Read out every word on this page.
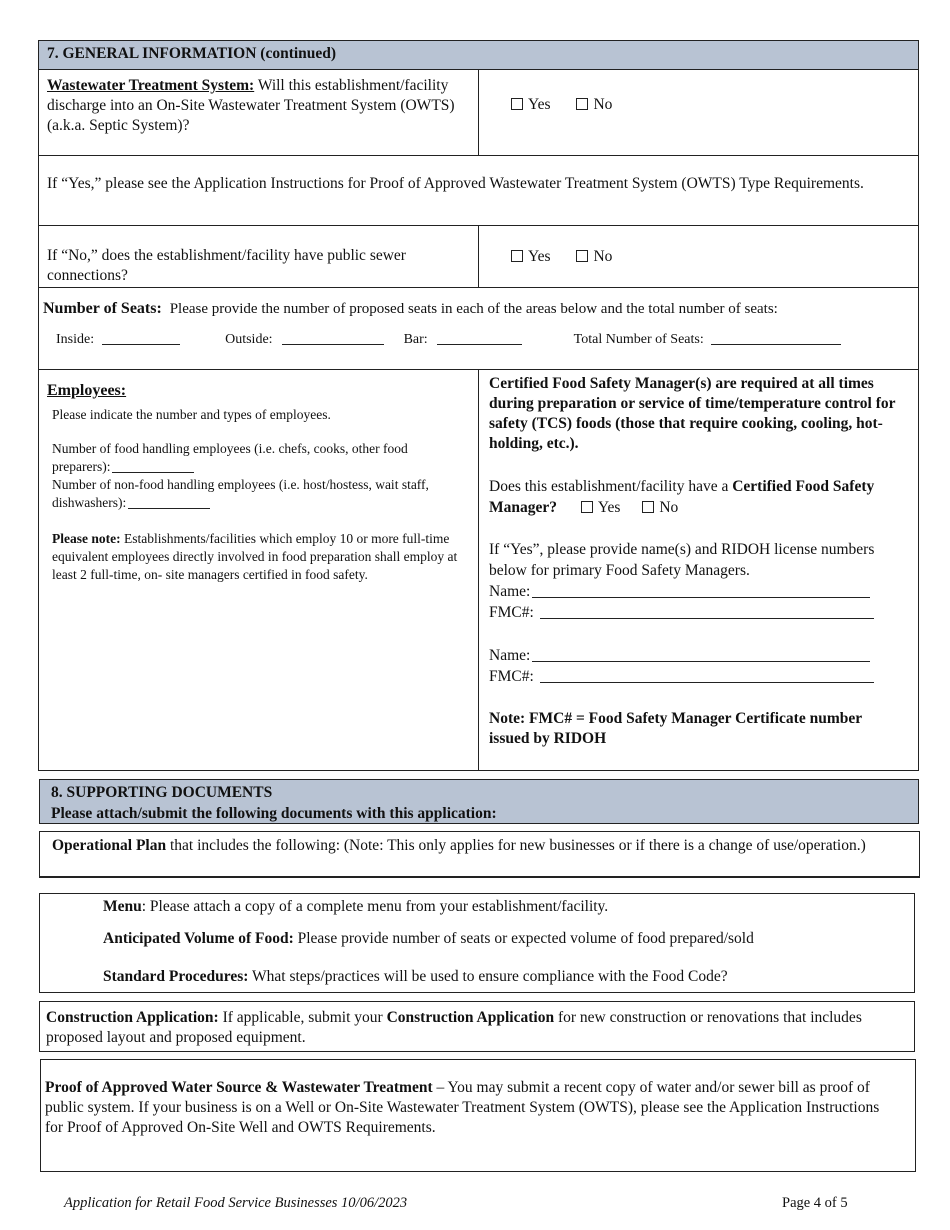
7. GENERAL INFORMATION (continued)
Wastewater Treatment System: Will this establishment/facility discharge into an On-Site Wastewater Treatment System (OWTS) (a.k.a. Septic System)?
Yes	No
If “Yes,” please see the Application Instructions for Proof of Approved Wastewater Treatment System (OWTS) Type Requirements.
If “No,” does the establishment/facility have public sewer connections?
Yes	No
Number of Seats: Please provide the number of proposed seats in each of the areas below and the total number of seats:
Inside:	Outside:	Bar:	Total Number of Seats:
Employees:
Please indicate the number and types of employees.
Number of food handling employees (i.e. chefs, cooks, other food preparers):
Number of non-food handling employees (i.e. host/hostess, wait staff, dishwashers):
Please note: Establishments/facilities which employ 10 or more full-time equivalent employees directly involved in food preparation shall employ at least 2 full-time, on- site managers certified in food safety.
Certified Food Safety Manager(s) are required at all times during preparation or service of time/temperature control for safety (TCS) foods (those that require cooking, cooling, hot-holding, etc.).
Does this establishment/facility have a Certified Food Safety Manager?	Yes	No
If “Yes”, please provide name(s) and RIDOH license numbers below for primary Food Safety Managers.
Name:
FMC#:
Name:
FMC#:
Note: FMC# = Food Safety Manager Certificate number issued by RIDOH
8. SUPPORTING DOCUMENTS
Please attach/submit the following documents with this application:
Operational Plan that includes the following: (Note: This only applies for new businesses or if there is a change of use/operation.)
Menu: Please attach a copy of a complete menu from your establishment/facility.
Anticipated Volume of Food: Please provide number of seats or expected volume of food prepared/sold
Standard Procedures: What steps/practices will be used to ensure compliance with the Food Code?
Construction Application: If applicable, submit your Construction Application for new construction or renovations that includes proposed layout and proposed equipment.
Proof of Approved Water Source & Wastewater Treatment – You may submit a recent copy of water and/or sewer bill as proof of public system. If your business is on a Well or On-Site Wastewater Treatment System (OWTS), please see the Application Instructions for Proof of Approved On-Site Well and OWTS Requirements.
Application for Retail Food Service Businesses 10/06/2023	Page 4 of 5
